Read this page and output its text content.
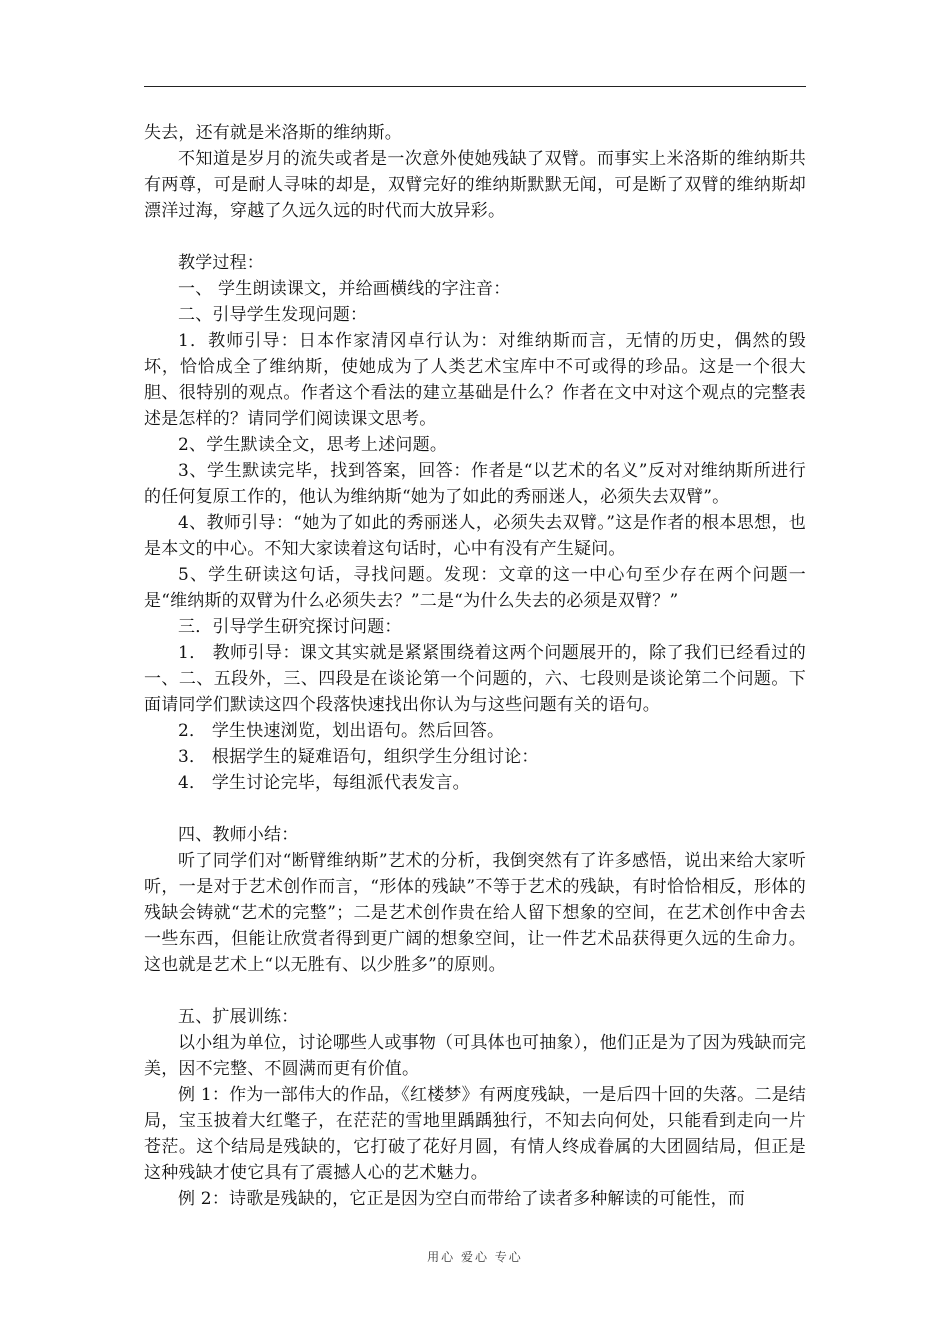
失去，还有就是米洛斯的维纳斯。

不知道是岁月的流失或者是一次意外使她残缺了双臂。而事实上米洛斯的维纳斯共有两尊，可是耐人寻味的却是，双臂完好的维纳斯默默无闻，可是断了双臂的维纳斯却漂洋过海，穿越了久远久远的时代而大放异彩。

教学过程：

一、 学生朗读课文，并给画横线的字注音：

二、引导学生发现问题：

1．教师引导：日本作家清冈卓行认为：对维纳斯而言，无情的历史，偶然的毁坏，恰恰成全了维纳斯，使她成为了人类艺术宝库中不可或得的珍品。这是一个很大胆、很特别的观点。作者这个看法的建立基础是什么？作者在文中对这个观点的完整表述是怎样的？请同学们阅读课文思考。

2、学生默读全文，思考上述问题。

3、学生默读完毕，找到答案，回答：作者是“以艺术的名义”反对对维纳斯所进行的任何复原工作的，他认为维纳斯“她为了如此的秀丽迷人，必须失去双臂”。

4、教师引导：“她为了如此的秀丽迷人，必须失去双臂。”这是作者的根本思想，也是本文的中心。不知大家读着这句话时，心中有没有产生疑问。

5、学生研读这句话，寻找问题。发现：文章的这一中心句至少存在两个问题一是“维纳斯的双臂为什么必须失去？”二是“为什么失去的必须是双臂？”

三．引导学生研究探讨问题：

1． 教师引导：课文其实就是紧紧围绕着这两个问题展开的，除了我们已经看过的一、二、五段外，三、四段是在谈论第一个问题的，六、七段则是谈论第二个问题。下面请同学们默读这四个段落快速找出你认为与这些问题有关的语句。

2． 学生快速浏览，划出语句。然后回答。

3． 根据学生的疑难语句，组织学生分组讨论：

4． 学生讨论完毕，每组派代表发言。

四、教师小结：

听了同学们对“断臂维纳斯”艺术的分析，我倒突然有了许多感悟，说出来给大家听听，一是对于艺术创作而言，“形体的残缺”不等于艺术的残缺，有时恰恰相反，形体的残缺会铸就“艺术的完整”；二是艺术创作贵在给人留下想象的空间，在艺术创作中舍去一些东西，但能让欣赏者得到更广阔的想象空间，让一件艺术品获得更久远的生命力。这也就是艺术上“以无胜有、以少胜多”的原则。

五、扩展训练：

以小组为单位，讨论哪些人或事物（可具体也可抽象），他们正是为了因为残缺而完美，因不完整、不圆满而更有价值。

例 1：作为一部伟大的作品，《红楼梦》有两度残缺，一是后四十回的失落。二是结局，宝玉披着大红氅子，在茫茫的雪地里踽踽独行，不知去向何处，只能看到走向一片苍茫。这个结局是残缺的，它打破了花好月圆，有情人终成眷属的大团圆结局，但正是这种残缺才使它具有了震撼人心的艺术魅力。

例 2：诗歌是残缺的，它正是因为空白而带给了读者多种解读的可能性，而

用心 爱心 专心
